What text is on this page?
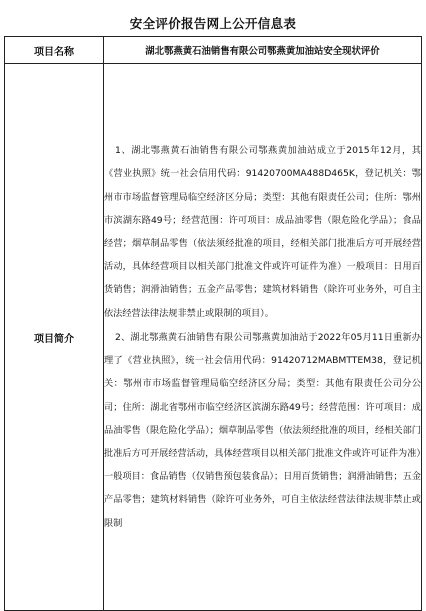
安全评价报告网上公开信息表
项目名称	湖北鄂燕黄石油销售有限公司鄂燕黄加油站安全现状评价
项目简介	1、湖北鄂燕黄石油销售有限公司鄂燕黄加油站成立于2015年12月，其《营业执照》统一社会信用代码：91420700MA488D465K，登记机关：鄂州市市场监督管理局临空经济区分局；类型：其他有限责任公司；住所：鄂州市滨湖东路49号；经营范围：许可项目：成品油零售（限危险化学品）；食品经营；烟草制品零售（依法须经批准的项目，经相关部门批准后方可开展经营活动，具体经营项目以相关部门批准文件或许可证件为准）一般项目：日用百货销售；润滑油销售；五金产品零售；建筑材料销售（除许可业务外，可自主依法经营法律法规非禁止或限制的项目）。

2、湖北鄂燕黄石油销售有限公司鄂燕黄加油站于2022年05月11日重新办理了《营业执照》，统一社会信用代码：91420712MABMTTEM38，登记机关：鄂州市市场监督管理局临空经济区分局；类型：其他有限责任公司分公司；住所：湖北省鄂州市临空经济区滨湖东路49号；经营范围：许可项目：成品油零售（限危险化学品）；烟草制品零售（依法须经批准的项目，经相关部门批准后方可开展经营活动，具体经营项目以相关部门批准文件或许可证件为准）一般项目：食品销售（仅销售预包装食品）；日用百货销售；润滑油销售；五金产品零售；建筑材料销售（除许可业务外，可自主依法经营法律法规非禁止或限制
